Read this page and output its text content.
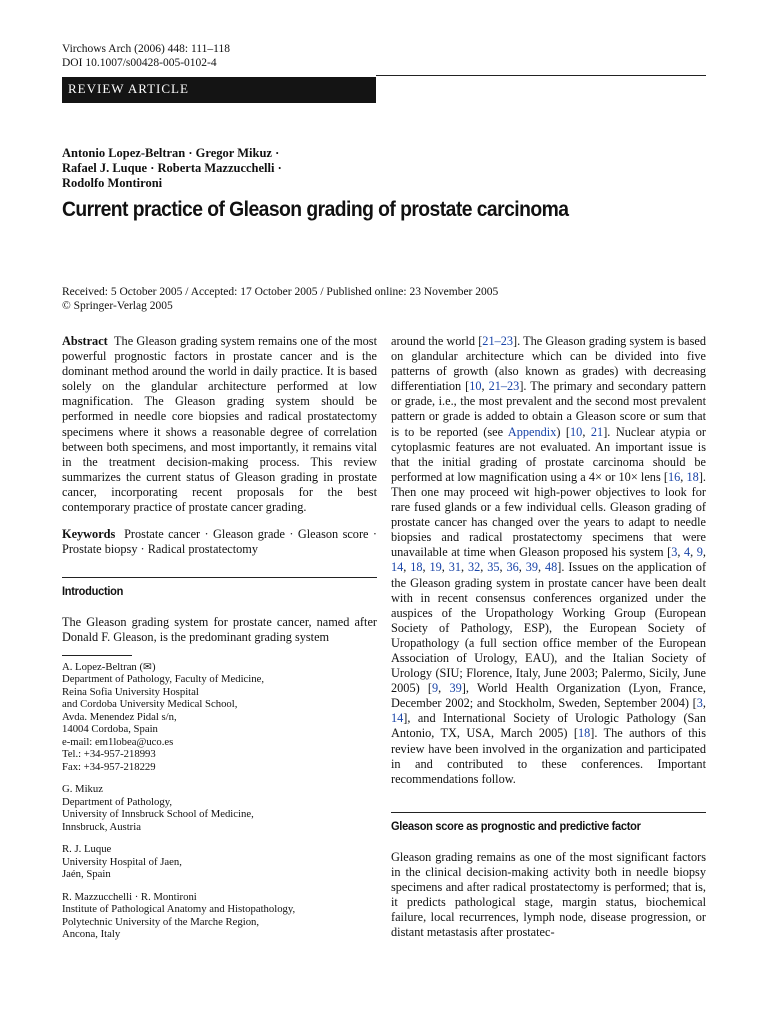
Virchows Arch (2006) 448: 111–118
DOI 10.1007/s00428-005-0102-4
REVIEW ARTICLE
Antonio Lopez-Beltran · Gregor Mikuz ·
Rafael J. Luque · Roberta Mazzucchelli ·
Rodolfo Montironi
Current practice of Gleason grading of prostate carcinoma
Received: 5 October 2005 / Accepted: 17 October 2005 / Published online: 23 November 2005
© Springer-Verlag 2005

Abstract The Gleason grading system remains one of the most powerful prognostic factors in prostate cancer and is the dominant method around the world in daily practice. It is based solely on the glandular architecture performed at low magnification. The Gleason grading system should be performed in needle core biopsies and radical prostatectomy specimens where it shows a reasonable degree of correlation between both specimens, and most importantly, it remains vital in the treatment decision-making process. This review summarizes the current status of Gleason grading in prostate cancer, incorporating recent proposals for the best contemporary practice of prostate cancer grading.

Keywords Prostate cancer · Gleason grade · Gleason score · Prostate biopsy · Radical prostatectomy

Introduction

The Gleason grading system for prostate cancer, named after Donald F. Gleason, is the predominant grading system

A. Lopez-Beltran (✉)
Department of Pathology, Faculty of Medicine,
Reina Sofia University Hospital
and Cordoba University Medical School,
Avda. Menendez Pidal s/n,
14004 Cordoba, Spain
e-mail: em1lobea@uco.es
Tel.: +34-957-218993
Fax: +34-957-218229
G. Mikuz
Department of Pathology,
University of Innsbruck School of Medicine,
Innsbruck, Austria
R. J. Luque
University Hospital of Jaen,
Jaén, Spain
R. Mazzucchelli · R. Montironi
Institute of Pathological Anatomy and Histopathology,
Polytechnic University of the Marche Region,
Ancona, Italy

around the world [21–23]. The Gleason grading system is based on glandular architecture which can be divided into five patterns of growth (also known as grades) with decreasing differentiation [10, 21–23]. The primary and secondary pattern or grade, i.e., the most prevalent and the second most prevalent pattern or grade is added to obtain a Gleason score or sum that is to be reported (see Appendix) [10, 21]. Nuclear atypia or cytoplasmic features are not evaluated. An important issue is that the initial grading of prostate carcinoma should be performed at low magnification using a 4× or 10× lens [16, 18]. Then one may proceed wit high-power objectives to look for rare fused glands or a few individual cells. Gleason grading of prostate cancer has changed over the years to adapt to needle biopsies and radical prostatectomy specimens that were unavailable at time when Gleason proposed his system [3, 4, 9, 14, 18, 19, 31, 32, 35, 36, 39, 48]. Issues on the application of the Gleason grading system in prostate cancer have been dealt with in recent consensus conferences organized under the auspices of the Uropathology Working Group (European Society of Pathology, ESP), the European Society of Uropathology (a full section office member of the European Association of Urology, EAU), and the Italian Society of Urology (SIU; Florence, Italy, June 2003; Palermo, Sicily, June 2005) [9, 39], World Health Organization (Lyon, France, December 2002; and Stockholm, Sweden, September 2004) [3, 14], and International Society of Urologic Pathology (San Antonio, TX, USA, March 2005) [18]. The authors of this review have been involved in the organization and participated in and contributed to these conferences. Important recommendations follow.

Gleason score as prognostic and predictive factor

Gleason grading remains as one of the most significant factors in the clinical decision-making activity both in needle biopsy specimens and after radical prostatectomy is performed; that is, it predicts pathological stage, margin status, biochemical failure, local recurrences, lymph node, disease progression, or distant metastasis after prostatec-
